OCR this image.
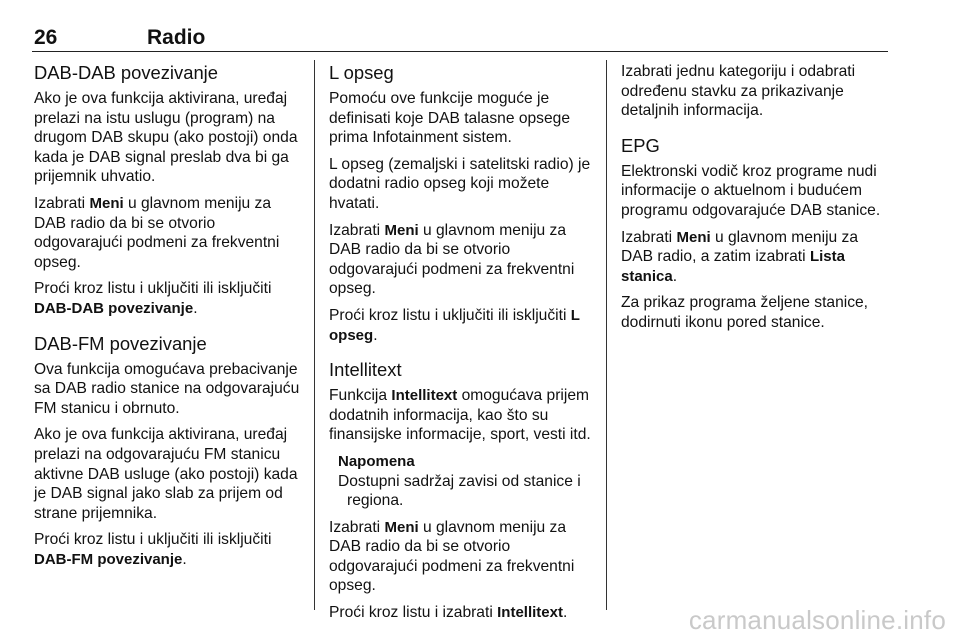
26	Radio
DAB-DAB povezivanje

Ako je ova funkcija aktivirana, uređaj prelazi na istu uslugu (program) na drugom DAB skupu (ako postoji) onda kada je DAB signal preslab dva bi ga prijemnik uhvatio.

Izabrati Meni u glavnom meniju za DAB radio da bi se otvorio odgovarajući podmeni za frekventni opseg.

Proći kroz listu i uključiti ili isključiti DAB-DAB povezivanje.

DAB-FM povezivanje

Ova funkcija omogućava prebacivanje sa DAB radio stanice na odgovarajuću FM stanicu i obrnuto.

Ako je ova funkcija aktivirana, uređaj prelazi na odgovarajuću FM stanicu aktivne DAB usluge (ako postoji) kada je DAB signal jako slab za prijem od strane prijemnika.

Proći kroz listu i uključiti ili isključiti DAB-FM povezivanje.

L opseg

Pomoću ove funkcije moguće je definisati koje DAB talasne opsege prima Infotainment sistem.

L opseg (zemaljski i satelitski radio) je dodatni radio opseg koji možete hvatati.

Izabrati Meni u glavnom meniju za DAB radio da bi se otvorio odgovarajući podmeni za frekventni opseg.

Proći kroz listu i uključiti ili isključiti L opseg.

Intellitext

Funkcija Intellitext omogućava prijem dodatnih informacija, kao što su finansijske informacije, sport, vesti itd.

Napomena
Dostupni sadržaj zavisi od stanice i
regiona.

Izabrati Meni u glavnom meniju za DAB radio da bi se otvorio odgovarajući podmeni za frekventni opseg.

Proći kroz listu i izabrati Intellitext.

Izabrati jednu kategoriju i odabrati određenu stavku za prikazivanje detaljnih informacija.

EPG

Elektronski vodič kroz programe nudi informacije o aktuelnom i budućem programu odgovarajuće DAB stanice.

Izabrati Meni u glavnom meniju za DAB radio, a zatim izabrati Lista stanica.

Za prikaz programa željene stanice, dodirnuti ikonu pored stanice.

carmanualsonline.info
